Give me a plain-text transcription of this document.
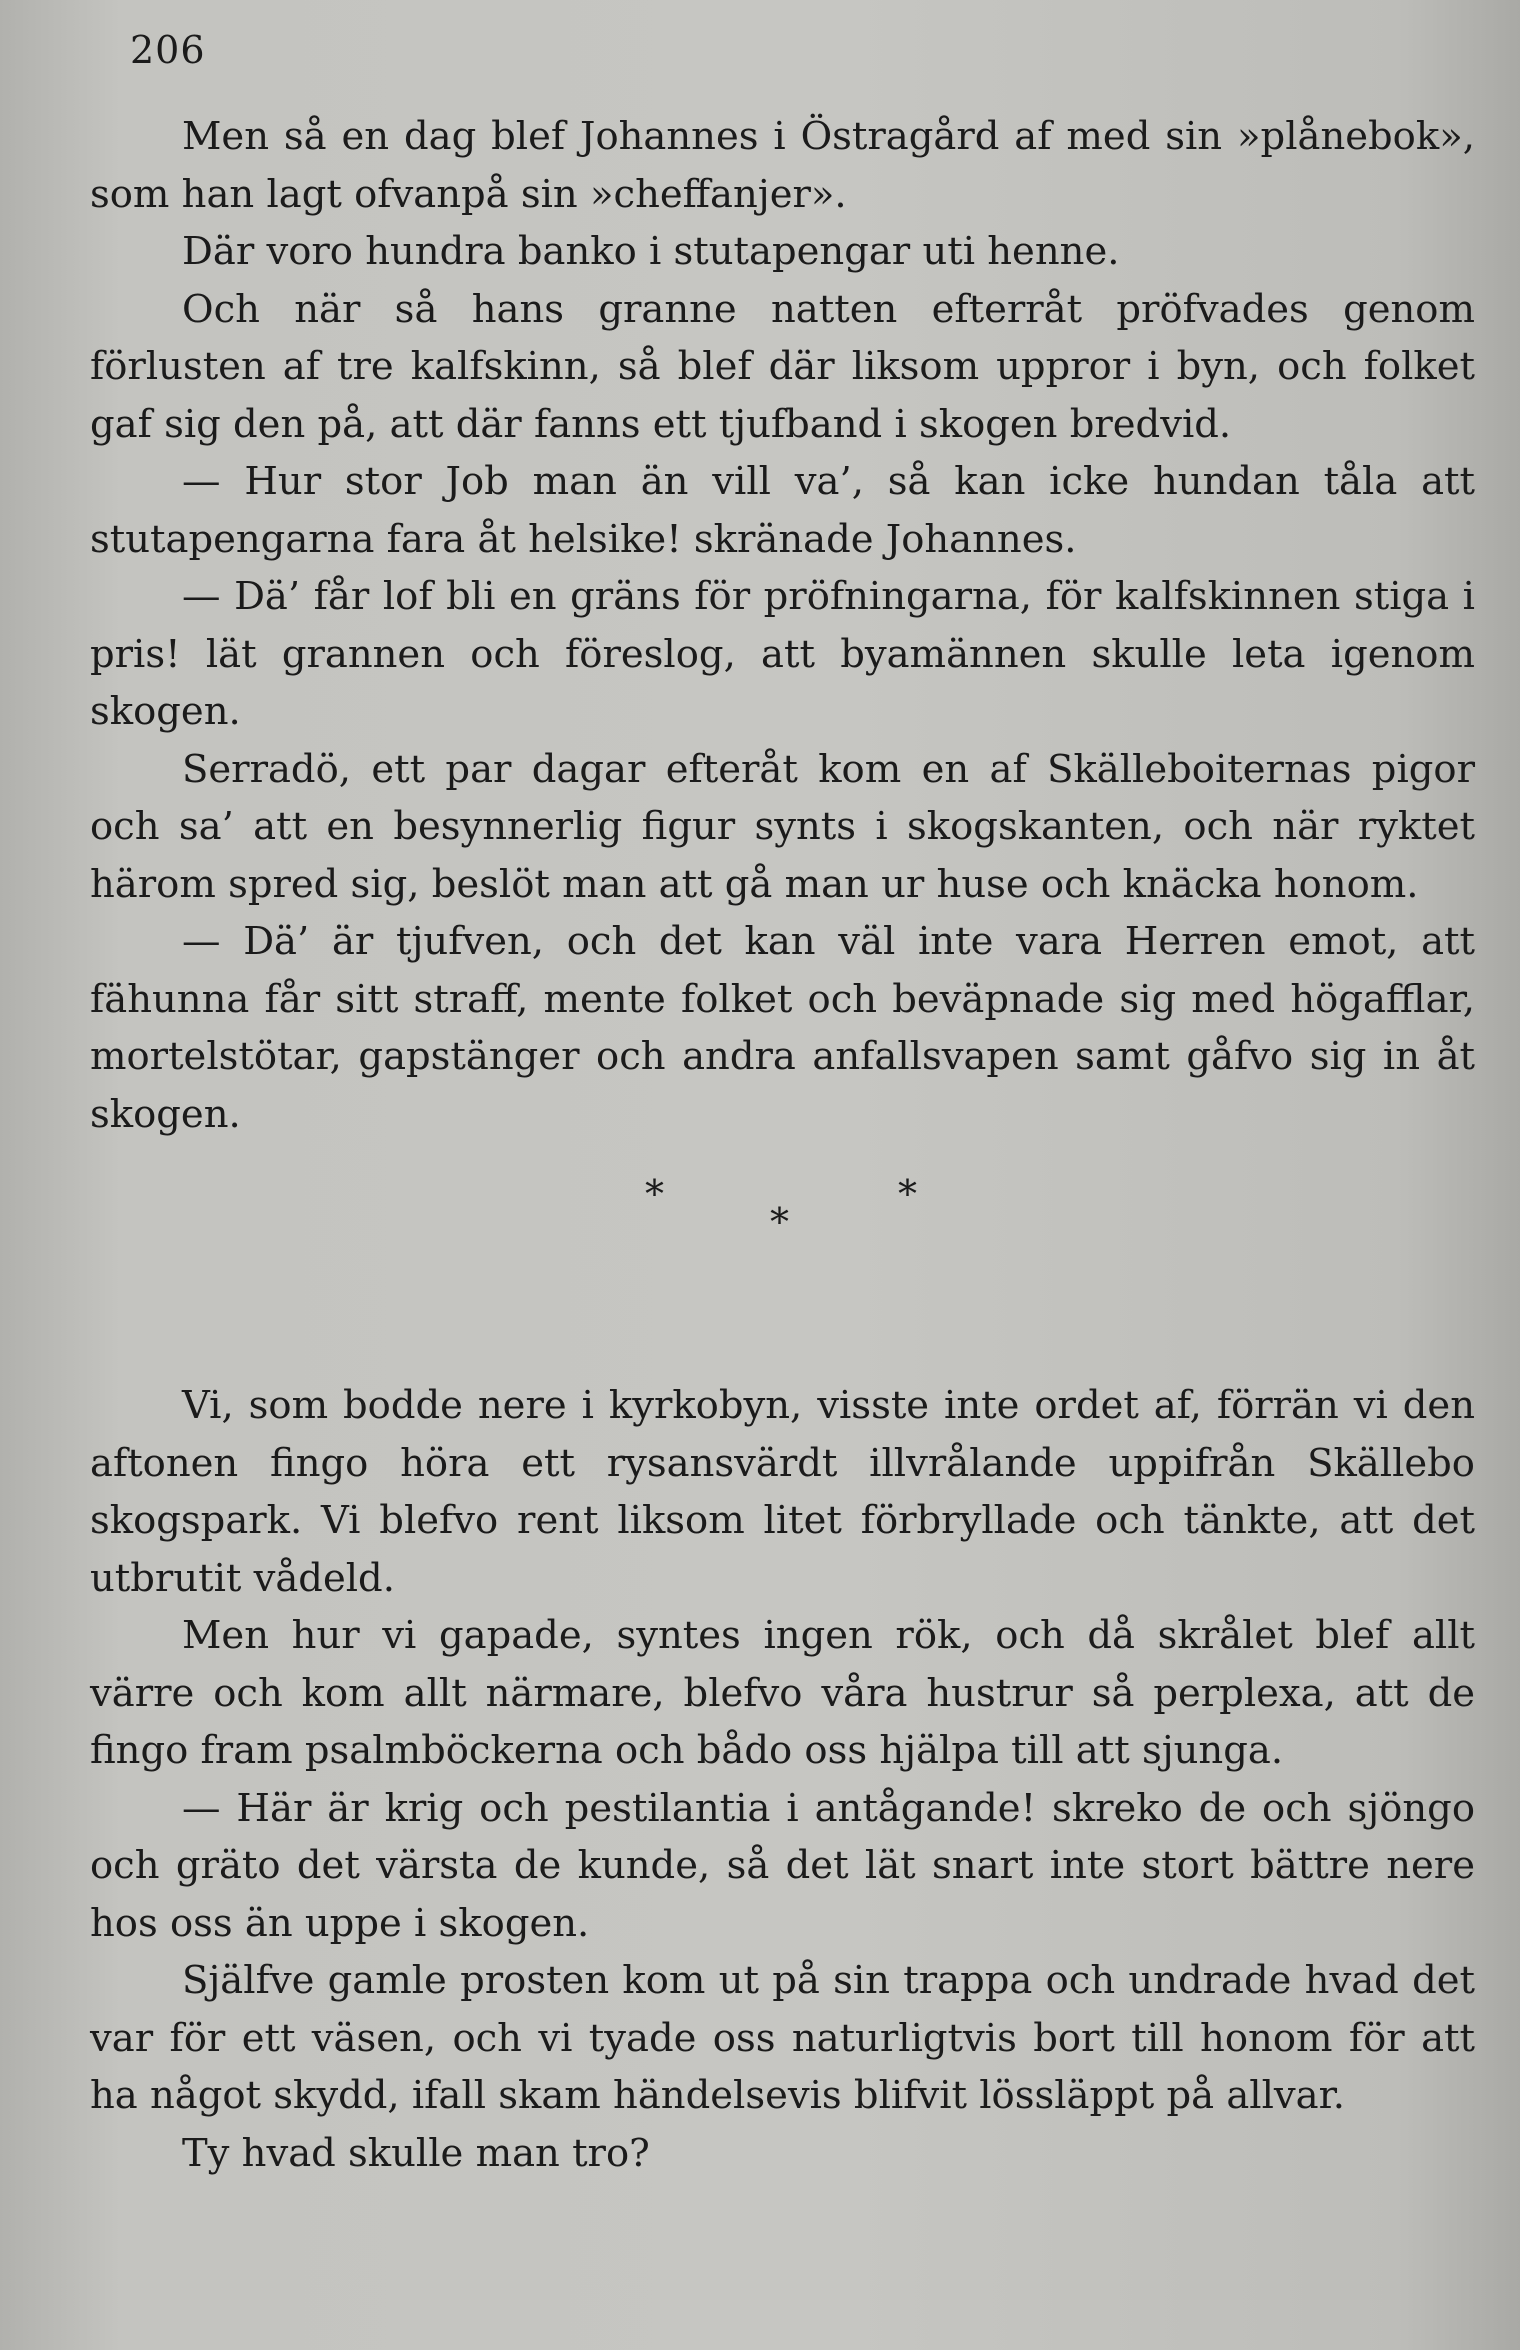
206

Men så en dag blef Johannes i Östragård af med sin »plånebok», som han lagt ofvanpå sin »cheffanjer».

Där voro hundra banko i stutapengar uti henne.

Och när så hans granne natten efterråt pröfvades genom förlusten af tre kalfskinn, så blef där liksom uppror i byn, och folket gaf sig den på, att där fanns ett tjufband i skogen bredvid.

— Hur stor Job man än vill va’, så kan icke hundan tåla att stutapengarna fara åt helsike! skränade Johannes.

— Dä’ får lof bli en gräns för pröfningarna, för kalfskinnen stiga i pris! lät grannen och föreslog, att byamännen skulle leta igenom skogen.

Serradö, ett par dagar efteråt kom en af Skälleboiternas pigor och sa’ att en besynnerlig figur synts i skogskanten, och när ryktet härom spred sig, beslöt man att gå man ur huse och knäcka honom.

— Dä’ är tjufven, och det kan väl inte vara Herren emot, att fähunna får sitt straff, mente folket och beväpnade sig med högafflar, mortelstötar, gapstänger och andra anfallsvapen samt gåfvo sig in åt skogen.

*
*
*

Vi, som bodde nere i kyrkobyn, visste inte ordet af, förrän vi den aftonen fingo höra ett rysansvärdt illvrålande uppifrån Skällebo skogspark. Vi blefvo rent liksom litet förbryllade och tänkte, att det utbrutit vådeld.

Men hur vi gapade, syntes ingen rök, och då skrålet blef allt värre och kom allt närmare, blefvo våra hustrur så perplexa, att de fingo fram psalmböckerna och bådo oss hjälpa till att sjunga.

— Här är krig och pestilantia i antågande! skreko de och sjöngo och gräto det värsta de kunde, så det lät snart inte stort bättre nere hos oss än uppe i skogen.

Själfve gamle prosten kom ut på sin trappa och undrade hvad det var för ett väsen, och vi tyade oss naturligtvis bort till honom för att ha något skydd, ifall skam händelsevis blifvit lössläppt på allvar.

Ty hvad skulle man tro?
